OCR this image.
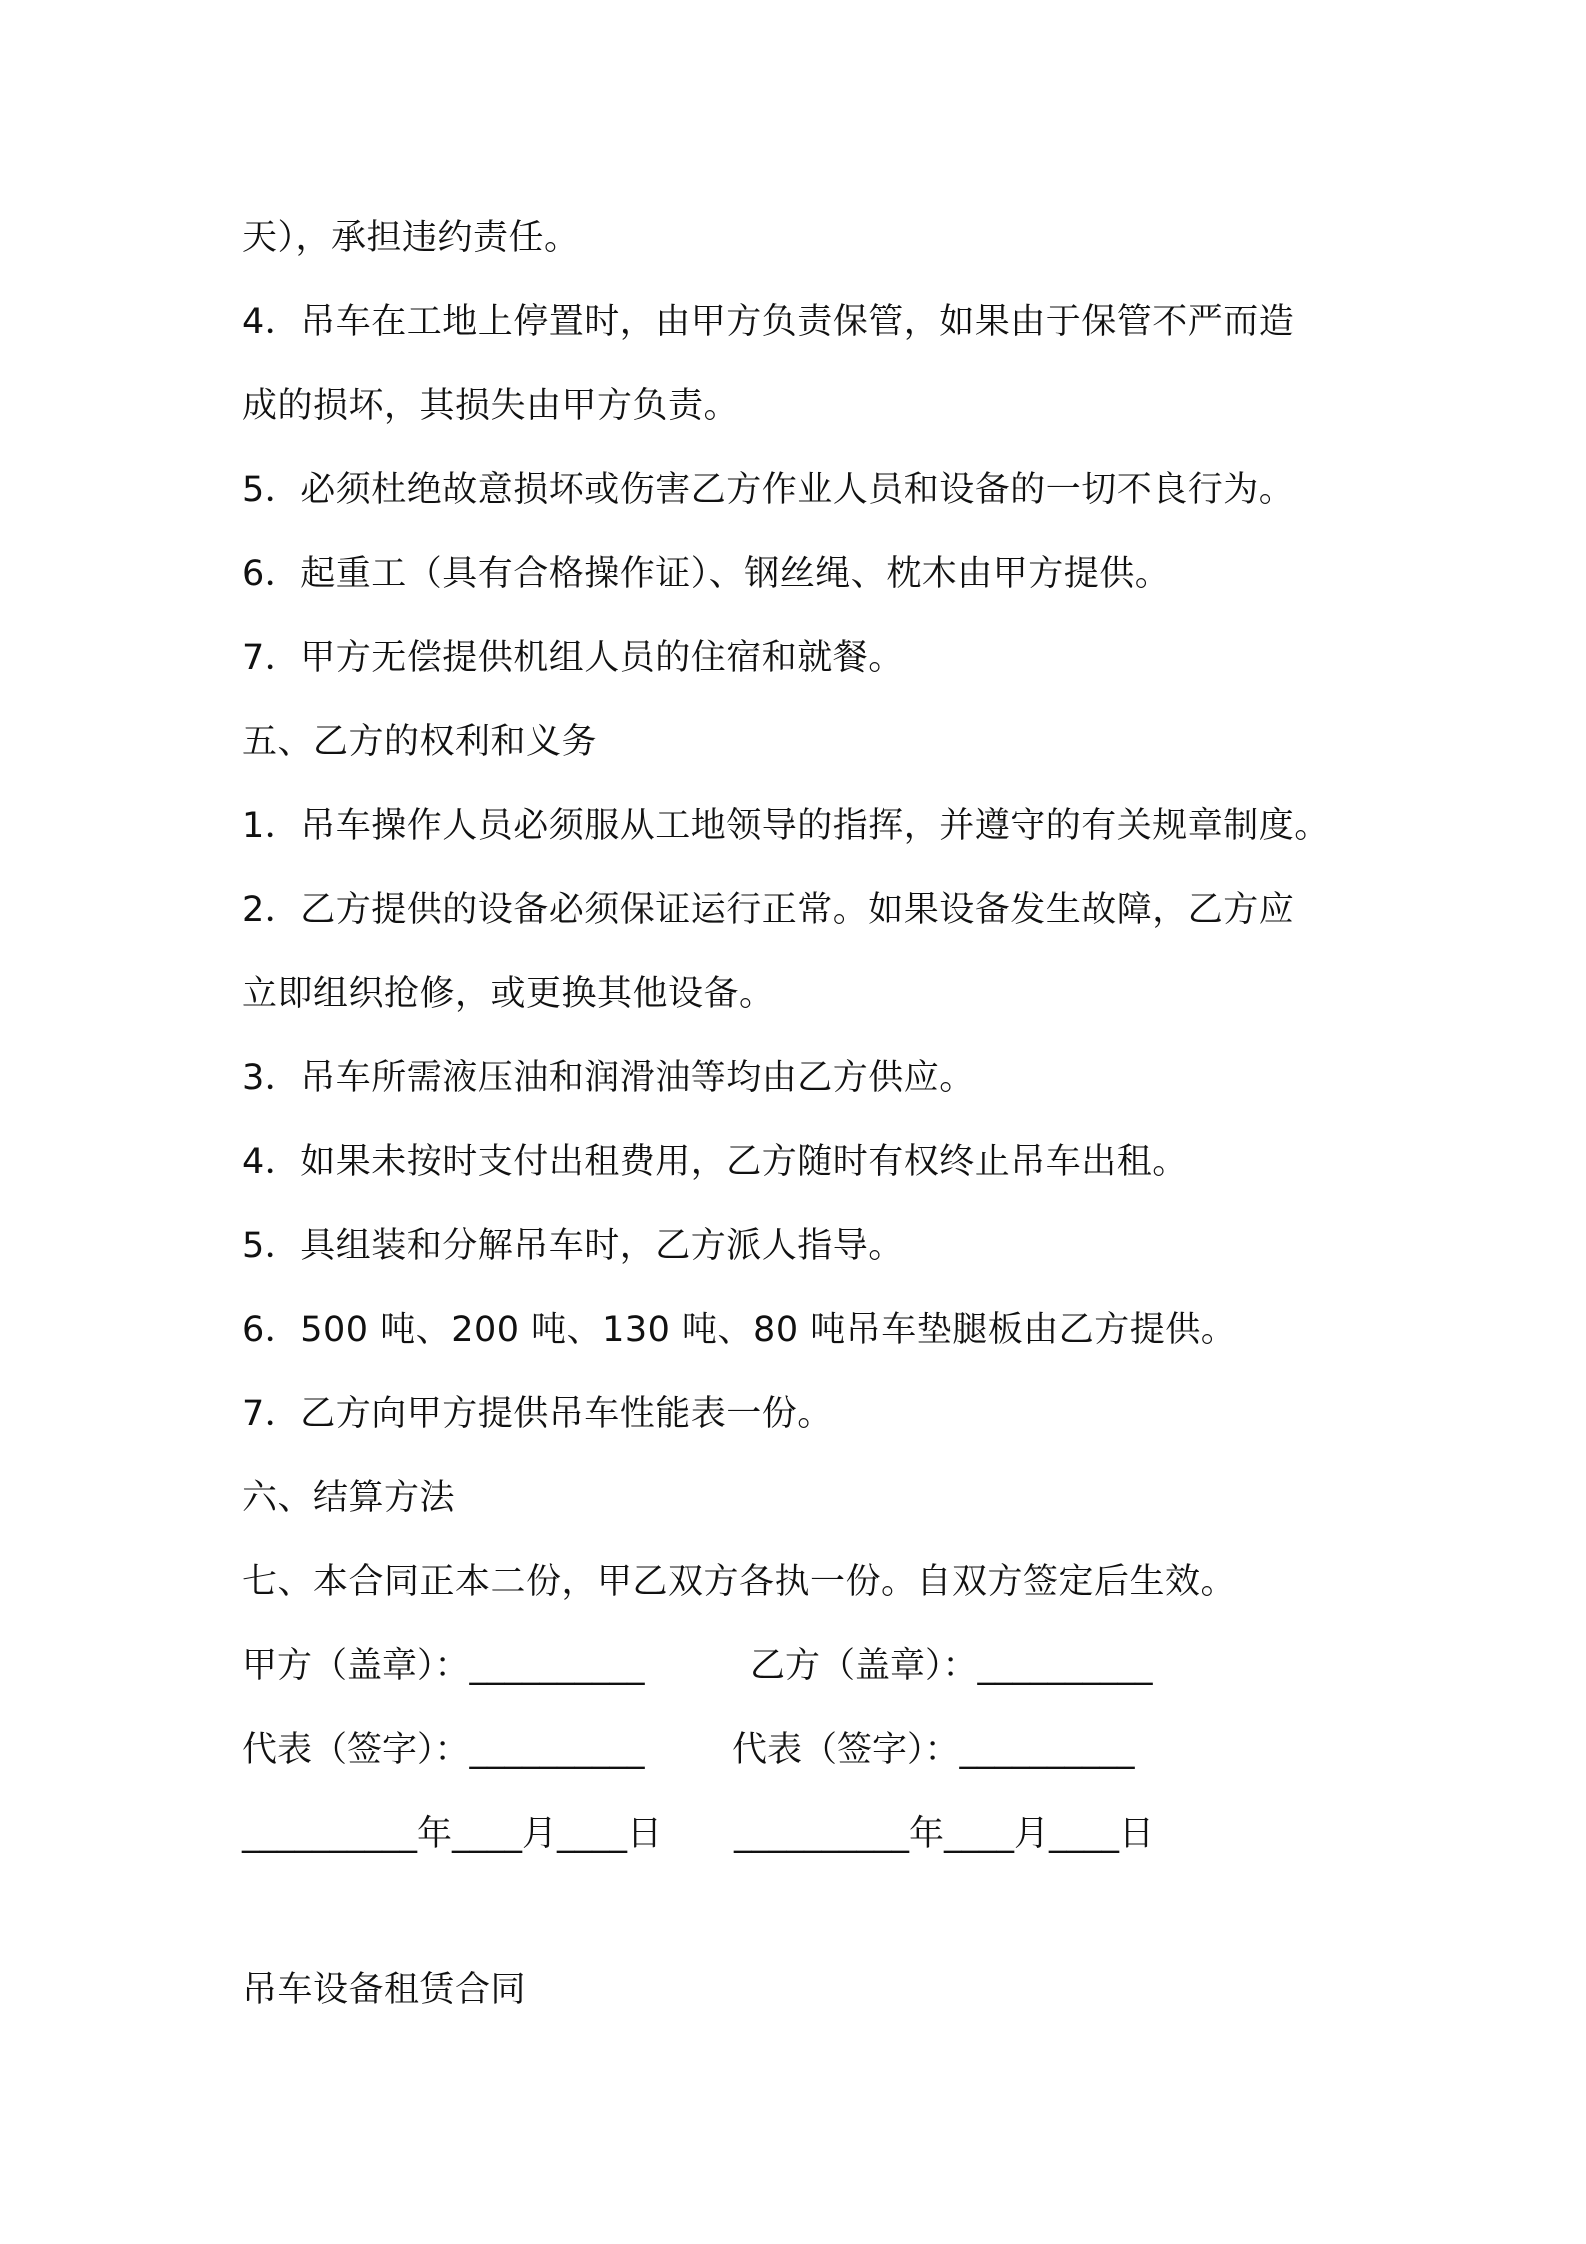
天），承担违约责任。
4．吊车在工地上停置时，由甲方负责保管，如果由于保管不严而造
成的损坏，其损失由甲方负责。
5．必须杜绝故意损坏或伤害乙方作业人员和设备的一切不良行为。
6．起重工（具有合格操作证）、钢丝绳、枕木由甲方提供。
7．甲方无偿提供机组人员的住宿和就餐。
五、乙方的权利和义务
1．吊车操作人员必须服从工地领导的指挥，并遵守的有关规章制度。
2．乙方提供的设备必须保证运行正常。如果设备发生故障，乙方应
立即组织抢修，或更换其他设备。
3．吊车所需液压油和润滑油等均由乙方供应。
4．如果未按时支付出租费用，乙方随时有权终止吊车出租。
5．具组装和分解吊车时，乙方派人指导。
6．500 吨、200 吨、130 吨、80 吨吊车垫腿板由乙方提供。
7．乙方向甲方提供吊车性能表一份。
六、结算方法
七、本合同正本二份，甲乙双方各执一份。自双方签定后生效。
甲方（盖章）：__________	乙方（盖章）：__________
代表（签字）：__________ 代表（签字）：__________
__________年____月____日 __________年____月____日
吊车设备租赁合同
